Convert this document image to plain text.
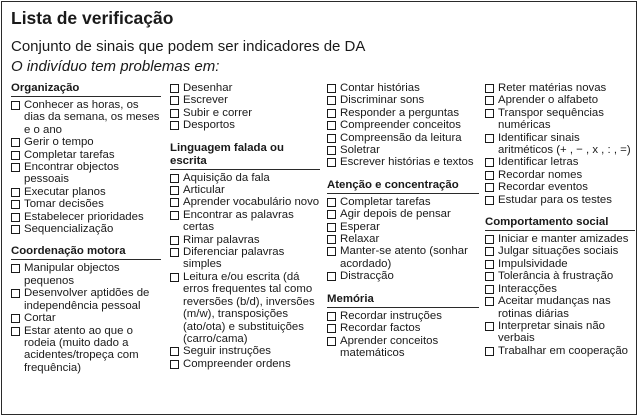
Lista de verificação
Conjunto de sinais que podem ser indicadores de DA
O indivíduo tem problemas em:
Organização
Conhecer as horas, os dias da semana, os meses e o ano
Gerir o tempo
Completar tarefas
Encontrar objectos pessoais
Executar planos
Tomar decisões
Estabelecer prioridades
Sequencialização
Coordenação motora
Manipular objectos pequenos
Desenvolver aptidões de independência pessoal
Cortar
Estar atento ao que o rodeia (muito dado a acidentes/tropeça com frequência)
Desenhar
Escrever
Subir e correr
Desportos
Linguagem falada ou escrita
Aquisição da fala
Articular
Aprender vocabulário novo
Encontrar as palavras certas
Rimar palavras
Diferenciar palavras simples
Leitura e/ou escrita (dá erros frequentes tal como reversões (b/d), inversões (m/w), transposições (ato/ota) e substituições (carro/cama)
Seguir instruções
Compreender ordens
Contar histórias
Discriminar sons
Responder a perguntas
Compreender conceitos
Compreensão da leitura
Soletrar
Escrever histórias e textos
Atenção e concentração
Completar tarefas
Agir depois de pensar
Esperar
Relaxar
Manter-se atento (sonhar acordado)
Distracção
Memória
Recordar instruções
Recordar factos
Aprender conceitos matemáticos
Reter matérias novas
Aprender o alfabeto
Transpor sequências numéricas
Identificar sinais aritméticos (+ , − , x , : , =)
Identificar letras
Recordar nomes
Recordar eventos
Estudar para os testes
Comportamento social
Iniciar e manter amizades
Julgar situações sociais
Impulsividade
Tolerância à frustração
Interacções
Aceitar mudanças nas rotinas diárias
Interpretar sinais não verbais
Trabalhar em cooperação
